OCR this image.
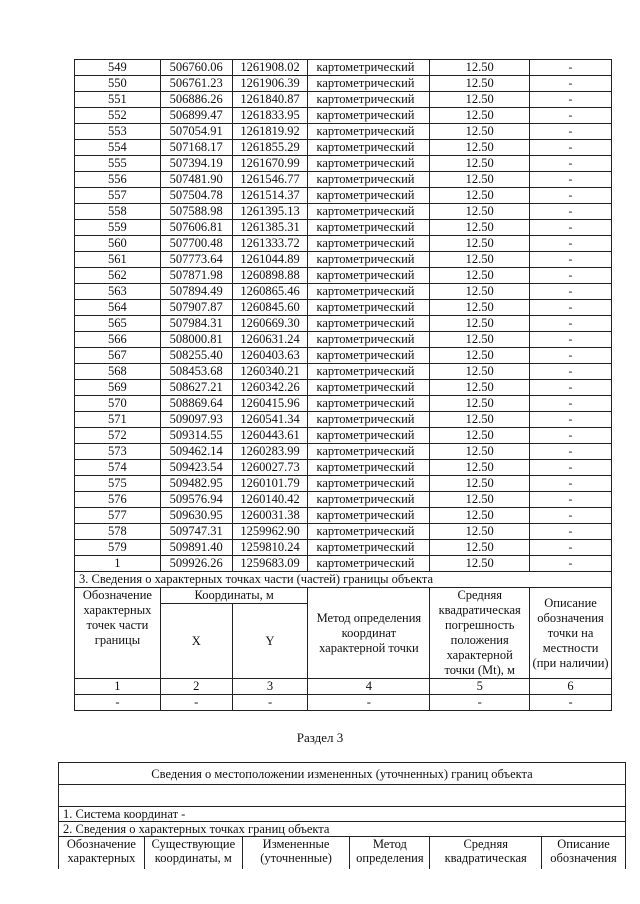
549	506760.06	1261908.02	картометрический	12.50	-
550	506761.23	1261906.39	картометрический	12.50	-
551	506886.26	1261840.87	картометрический	12.50	-
552	506899.47	1261833.95	картометрический	12.50	-
553	507054.91	1261819.92	картометрический	12.50	-
554	507168.17	1261855.29	картометрический	12.50	-
555	507394.19	1261670.99	картометрический	12.50	-
556	507481.90	1261546.77	картометрический	12.50	-
557	507504.78	1261514.37	картометрический	12.50	-
558	507588.98	1261395.13	картометрический	12.50	-
559	507606.81	1261385.31	картометрический	12.50	-
560	507700.48	1261333.72	картометрический	12.50	-
561	507773.64	1261044.89	картометрический	12.50	-
562	507871.98	1260898.88	картометрический	12.50	-
563	507894.49	1260865.46	картометрический	12.50	-
564	507907.87	1260845.60	картометрический	12.50	-
565	507984.31	1260669.30	картометрический	12.50	-
566	508000.81	1260631.24	картометрический	12.50	-
567	508255.40	1260403.63	картометрический	12.50	-
568	508453.68	1260340.21	картометрический	12.50	-
569	508627.21	1260342.26	картометрический	12.50	-
570	508869.64	1260415.96	картометрический	12.50	-
571	509097.93	1260541.34	картометрический	12.50	-
572	509314.55	1260443.61	картометрический	12.50	-
573	509462.14	1260283.99	картометрический	12.50	-
574	509423.54	1260027.73	картометрический	12.50	-
575	509482.95	1260101.79	картометрический	12.50	-
576	509576.94	1260140.42	картометрический	12.50	-
577	509630.95	1260031.38	картометрический	12.50	-
578	509747.31	1259962.90	картометрический	12.50	-
579	509891.40	1259810.24	картометрический	12.50	-
1	509926.26	1259683.09	картометрический	12.50	-
3. Сведения о характерных точках части (частей) границы объекта					
Обозначение характерных точек части границы	Координаты, м		Метод определения координат характерной точки	Средняя квадратическая погрешность положения характерной точки (Mt), м	Описание обозначения точки на местности (при наличии)
	X	Y			
1	2	3	4	5	6
-	-	-	-	-	-
Раздел 3
Сведения о местоположении измененных (уточненных) границ объекта

1. Система координат -
2. Сведения о характерных точках границ объекта
Обозначение характерных	Существующие координаты, м	Измененные (уточненные)	Метод определения	Средняя квадратическая	Описание обозначения
